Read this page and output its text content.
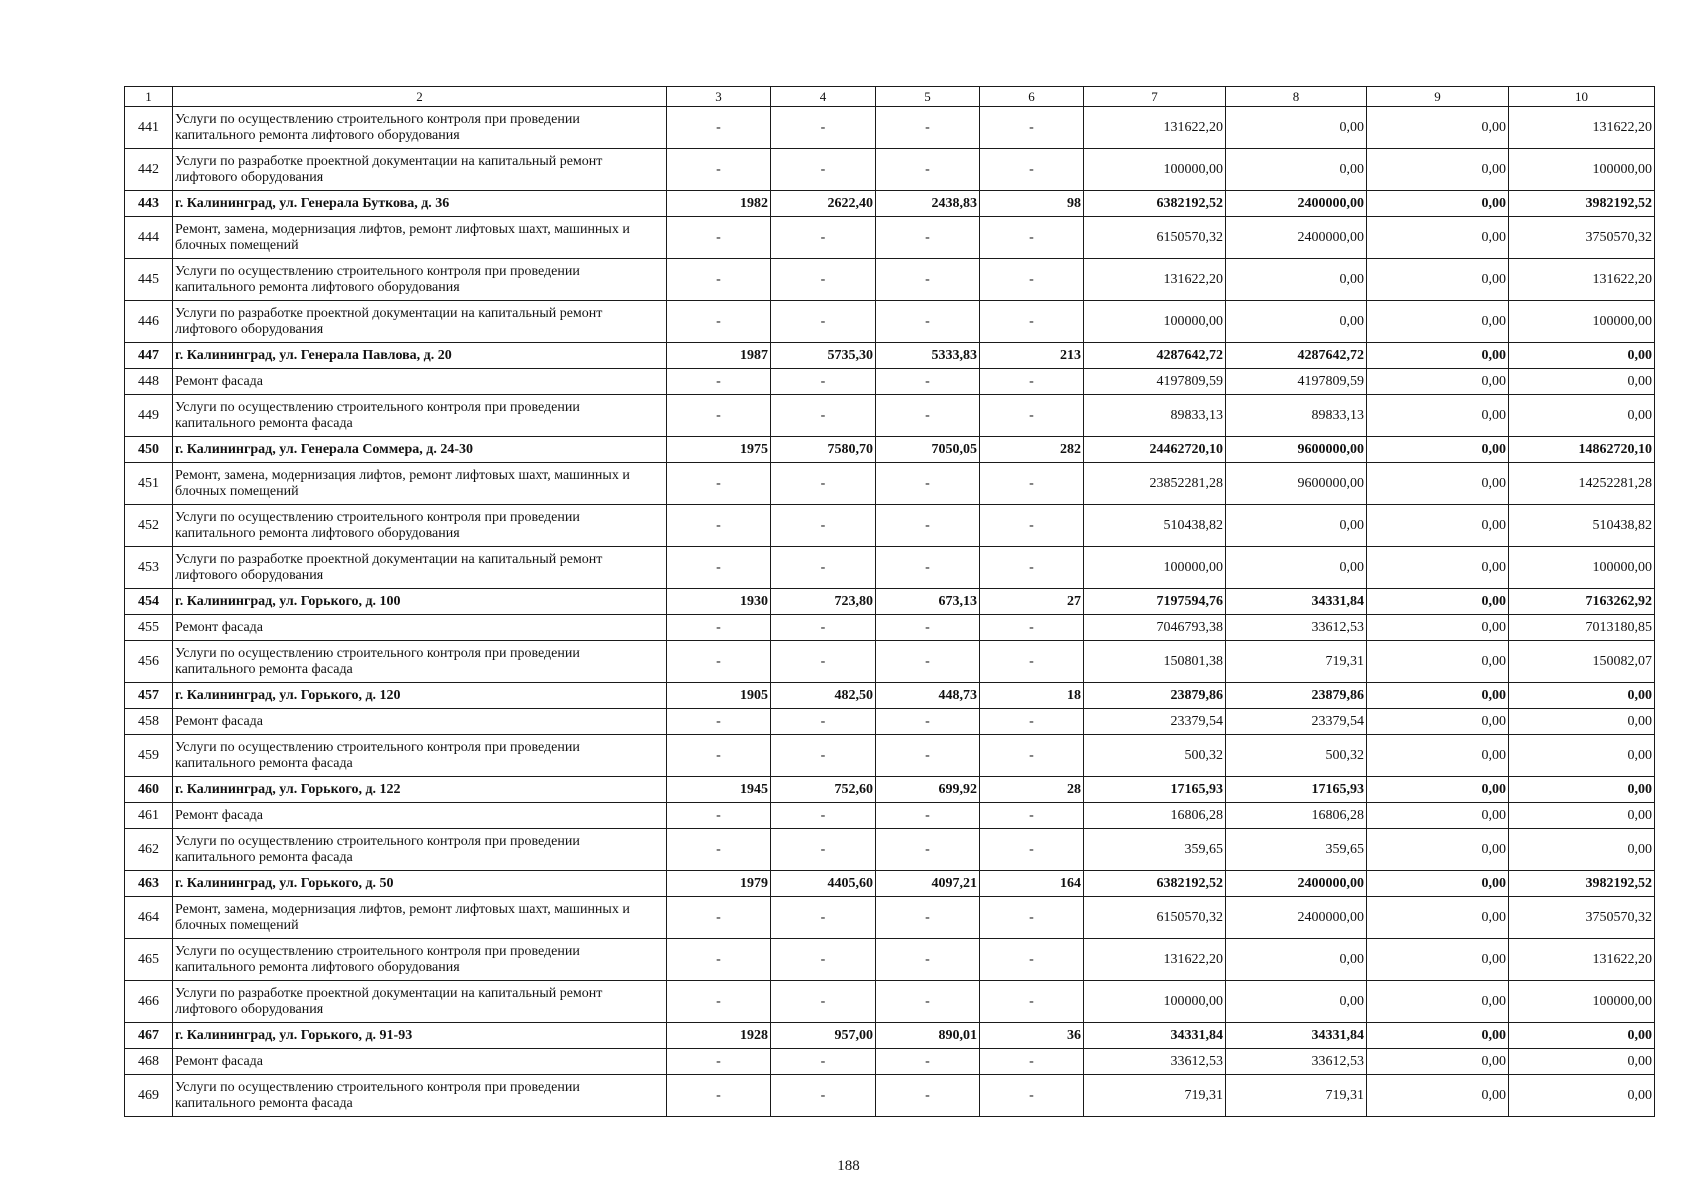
1	2	3	4	5	6	7	8	9	10
441	Услуги по осуществлению строительного контроля при проведении капитального ремонта лифтового оборудования	-	-	-	-	131622,20	0,00	0,00	131622,20
442	Услуги по разработке проектной документации на капитальный ремонт лифтового оборудования	-	-	-	-	100000,00	0,00	0,00	100000,00
443	г. Калининград, ул. Генерала Буткова, д. 36	1982	2622,40	2438,83	98	6382192,52	2400000,00	0,00	3982192,52
444	Ремонт, замена, модернизация лифтов, ремонт лифтовых шахт, машинных и блочных помещений	-	-	-	-	6150570,32	2400000,00	0,00	3750570,32
445	Услуги по осуществлению строительного контроля при проведении капитального ремонта лифтового оборудования	-	-	-	-	131622,20	0,00	0,00	131622,20
446	Услуги по разработке проектной документации на капитальный ремонт лифтового оборудования	-	-	-	-	100000,00	0,00	0,00	100000,00
447	г. Калининград, ул. Генерала Павлова, д. 20	1987	5735,30	5333,83	213	4287642,72	4287642,72	0,00	0,00
448	Ремонт фасада	-	-	-	-	4197809,59	4197809,59	0,00	0,00
449	Услуги по осуществлению строительного контроля при проведении капитального ремонта фасада	-	-	-	-	89833,13	89833,13	0,00	0,00
450	г. Калининград, ул. Генерала Соммера, д. 24-30	1975	7580,70	7050,05	282	24462720,10	9600000,00	0,00	14862720,10
451	Ремонт, замена, модернизация лифтов, ремонт лифтовых шахт, машинных и блочных помещений	-	-	-	-	23852281,28	9600000,00	0,00	14252281,28
452	Услуги по осуществлению строительного контроля при проведении капитального ремонта лифтового оборудования	-	-	-	-	510438,82	0,00	0,00	510438,82
453	Услуги по разработке проектной документации на капитальный ремонт лифтового оборудования	-	-	-	-	100000,00	0,00	0,00	100000,00
454	г. Калининград, ул. Горького, д. 100	1930	723,80	673,13	27	7197594,76	34331,84	0,00	7163262,92
455	Ремонт фасада	-	-	-	-	7046793,38	33612,53	0,00	7013180,85
456	Услуги по осуществлению строительного контроля при проведении капитального ремонта фасада	-	-	-	-	150801,38	719,31	0,00	150082,07
457	г. Калининград, ул. Горького, д. 120	1905	482,50	448,73	18	23879,86	23879,86	0,00	0,00
458	Ремонт фасада	-	-	-	-	23379,54	23379,54	0,00	0,00
459	Услуги по осуществлению строительного контроля при проведении капитального ремонта фасада	-	-	-	-	500,32	500,32	0,00	0,00
460	г. Калининград, ул. Горького, д. 122	1945	752,60	699,92	28	17165,93	17165,93	0,00	0,00
461	Ремонт фасада	-	-	-	-	16806,28	16806,28	0,00	0,00
462	Услуги по осуществлению строительного контроля при проведении капитального ремонта фасада	-	-	-	-	359,65	359,65	0,00	0,00
463	г. Калининград, ул. Горького, д. 50	1979	4405,60	4097,21	164	6382192,52	2400000,00	0,00	3982192,52
464	Ремонт, замена, модернизация лифтов, ремонт лифтовых шахт, машинных и блочных помещений	-	-	-	-	6150570,32	2400000,00	0,00	3750570,32
465	Услуги по осуществлению строительного контроля при проведении капитального ремонта лифтового оборудования	-	-	-	-	131622,20	0,00	0,00	131622,20
466	Услуги по разработке проектной документации на капитальный ремонт лифтового оборудования	-	-	-	-	100000,00	0,00	0,00	100000,00
467	г. Калининград, ул. Горького, д. 91-93	1928	957,00	890,01	36	34331,84	34331,84	0,00	0,00
468	Ремонт фасада	-	-	-	-	33612,53	33612,53	0,00	0,00
469	Услуги по осуществлению строительного контроля при проведении капитального ремонта фасада	-	-	-	-	719,31	719,31	0,00	0,00
188
